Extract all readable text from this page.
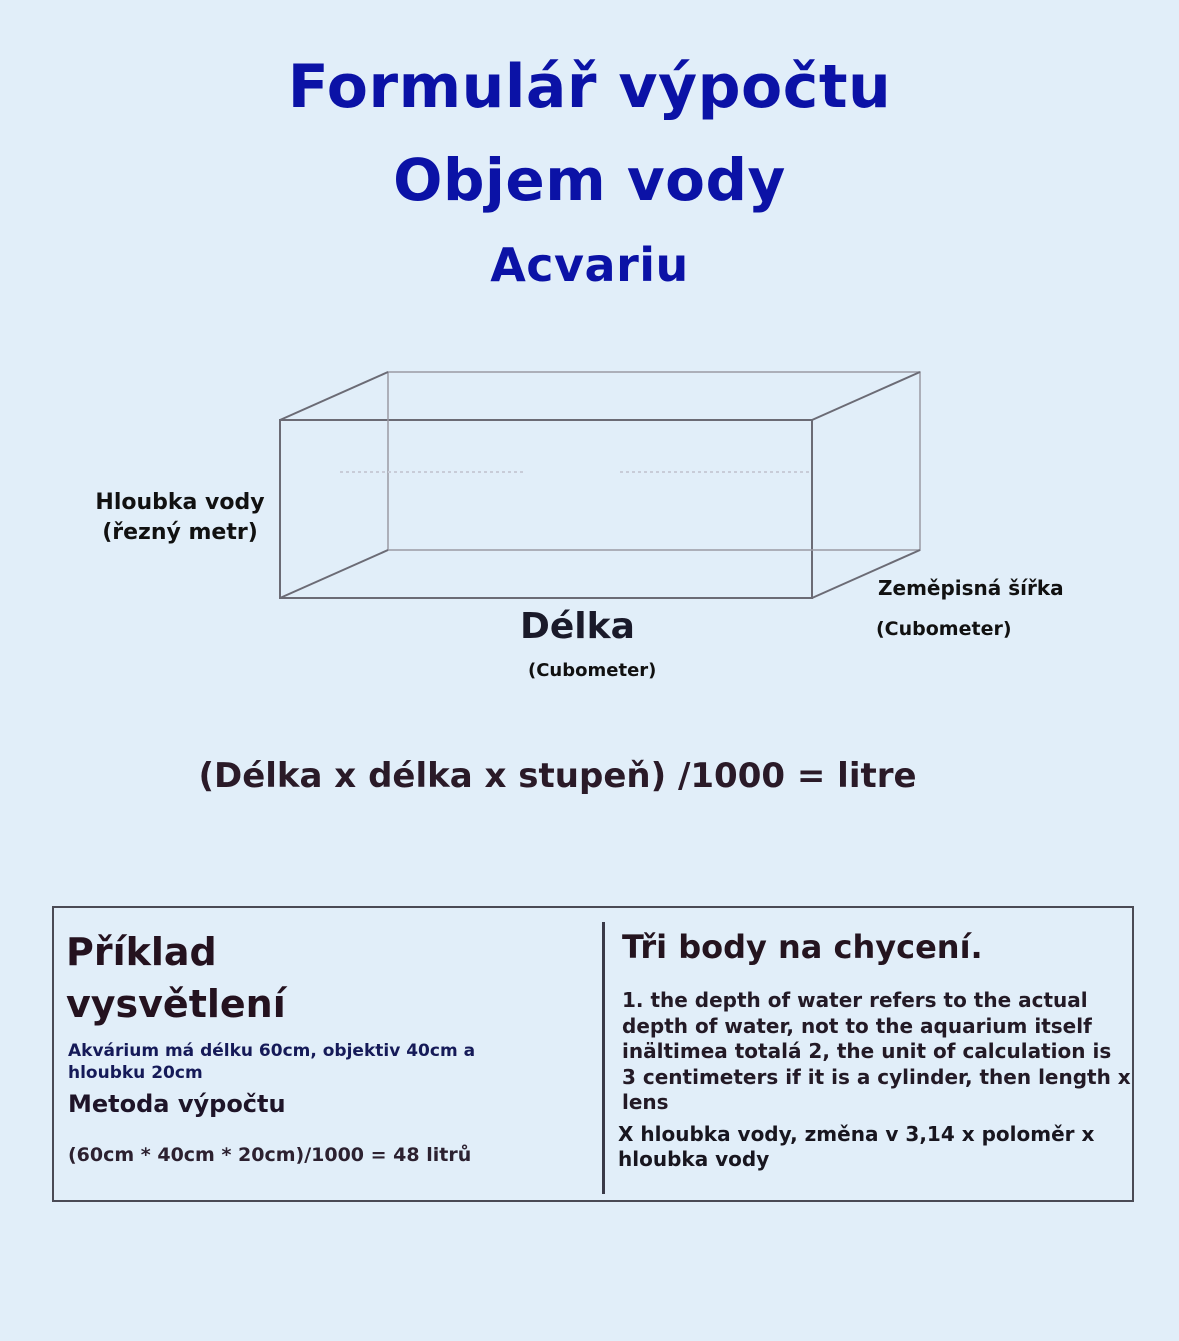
Formulář výpočtu
Objem vody
Acvariu
Hloubka vody
(řezný metr)
Délka
(Cubometer)
Zeměpisná šířka
(Cubometer)
(Délka x délka x stupeň) /1000 = litre
Příklad
vysvětlení
Akvárium má délku 60cm, objektiv 40cm a hloubku 20cm
Metoda výpočtu
(60cm * 40cm * 20cm)/1000 = 48 litrů
Tři body na chycení.
1. the depth of water refers to the actual depth of water, not to the aquarium itself inältimea totalá 2, the unit of calculation is 3 centimeters if it is a cylinder, then length x lens
X hloubka vody, změna v 3,14 x poloměr x hloubka vody
